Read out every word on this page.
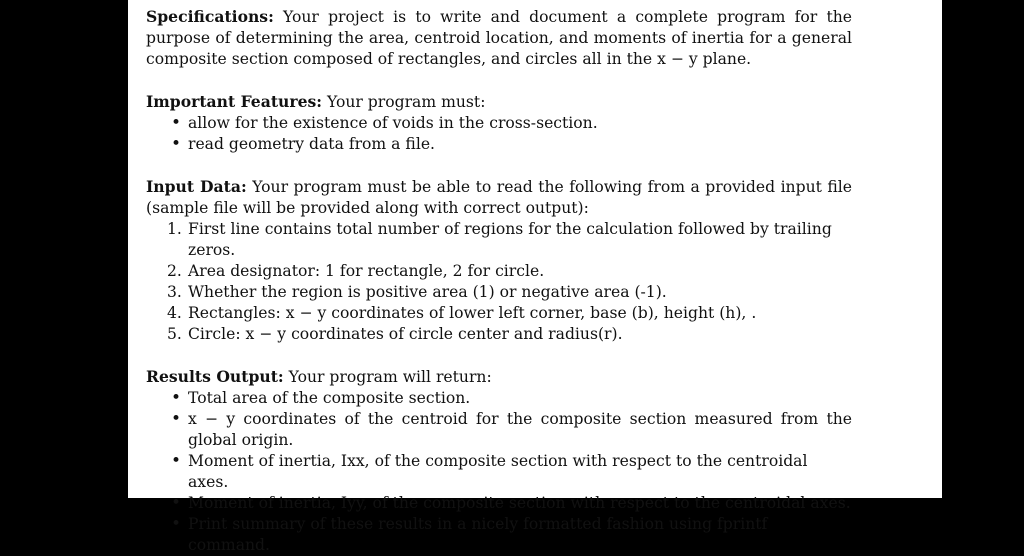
Specifications: Your project is to write and document a complete program for the purpose of determining the area, centroid location, and moments of inertia for a general composite section composed of rectangles, and circles all in the x − y plane.

Important Features: Your program must:

• allow for the existence of voids in the cross-section.
• read geometry data from a file.

Input Data: Your program must be able to read the following from a provided input file (sample file will be provided along with correct output):

1. First line contains total number of regions for the calculation followed by trailing zeros.
2. Area designator: 1 for rectangle, 2 for circle.
3. Whether the region is positive area (1) or negative area (-1).
4. Rectangles: x − y coordinates of lower left corner, base (b), height (h), .
5. Circle: x − y coordinates of circle center and radius(r).

Results Output: Your program will return:

• Total area of the composite section.
• x − y coordinates of the centroid for the composite section measured from the global origin.
• Moment of inertia, Ixx, of the composite section with respect to the centroidal axes.
• Moment of inertia, Iyy, of the composite section with respect to the centroidal axes.
• Print summary of these results in a nicely formatted fashion using fprintf command.
